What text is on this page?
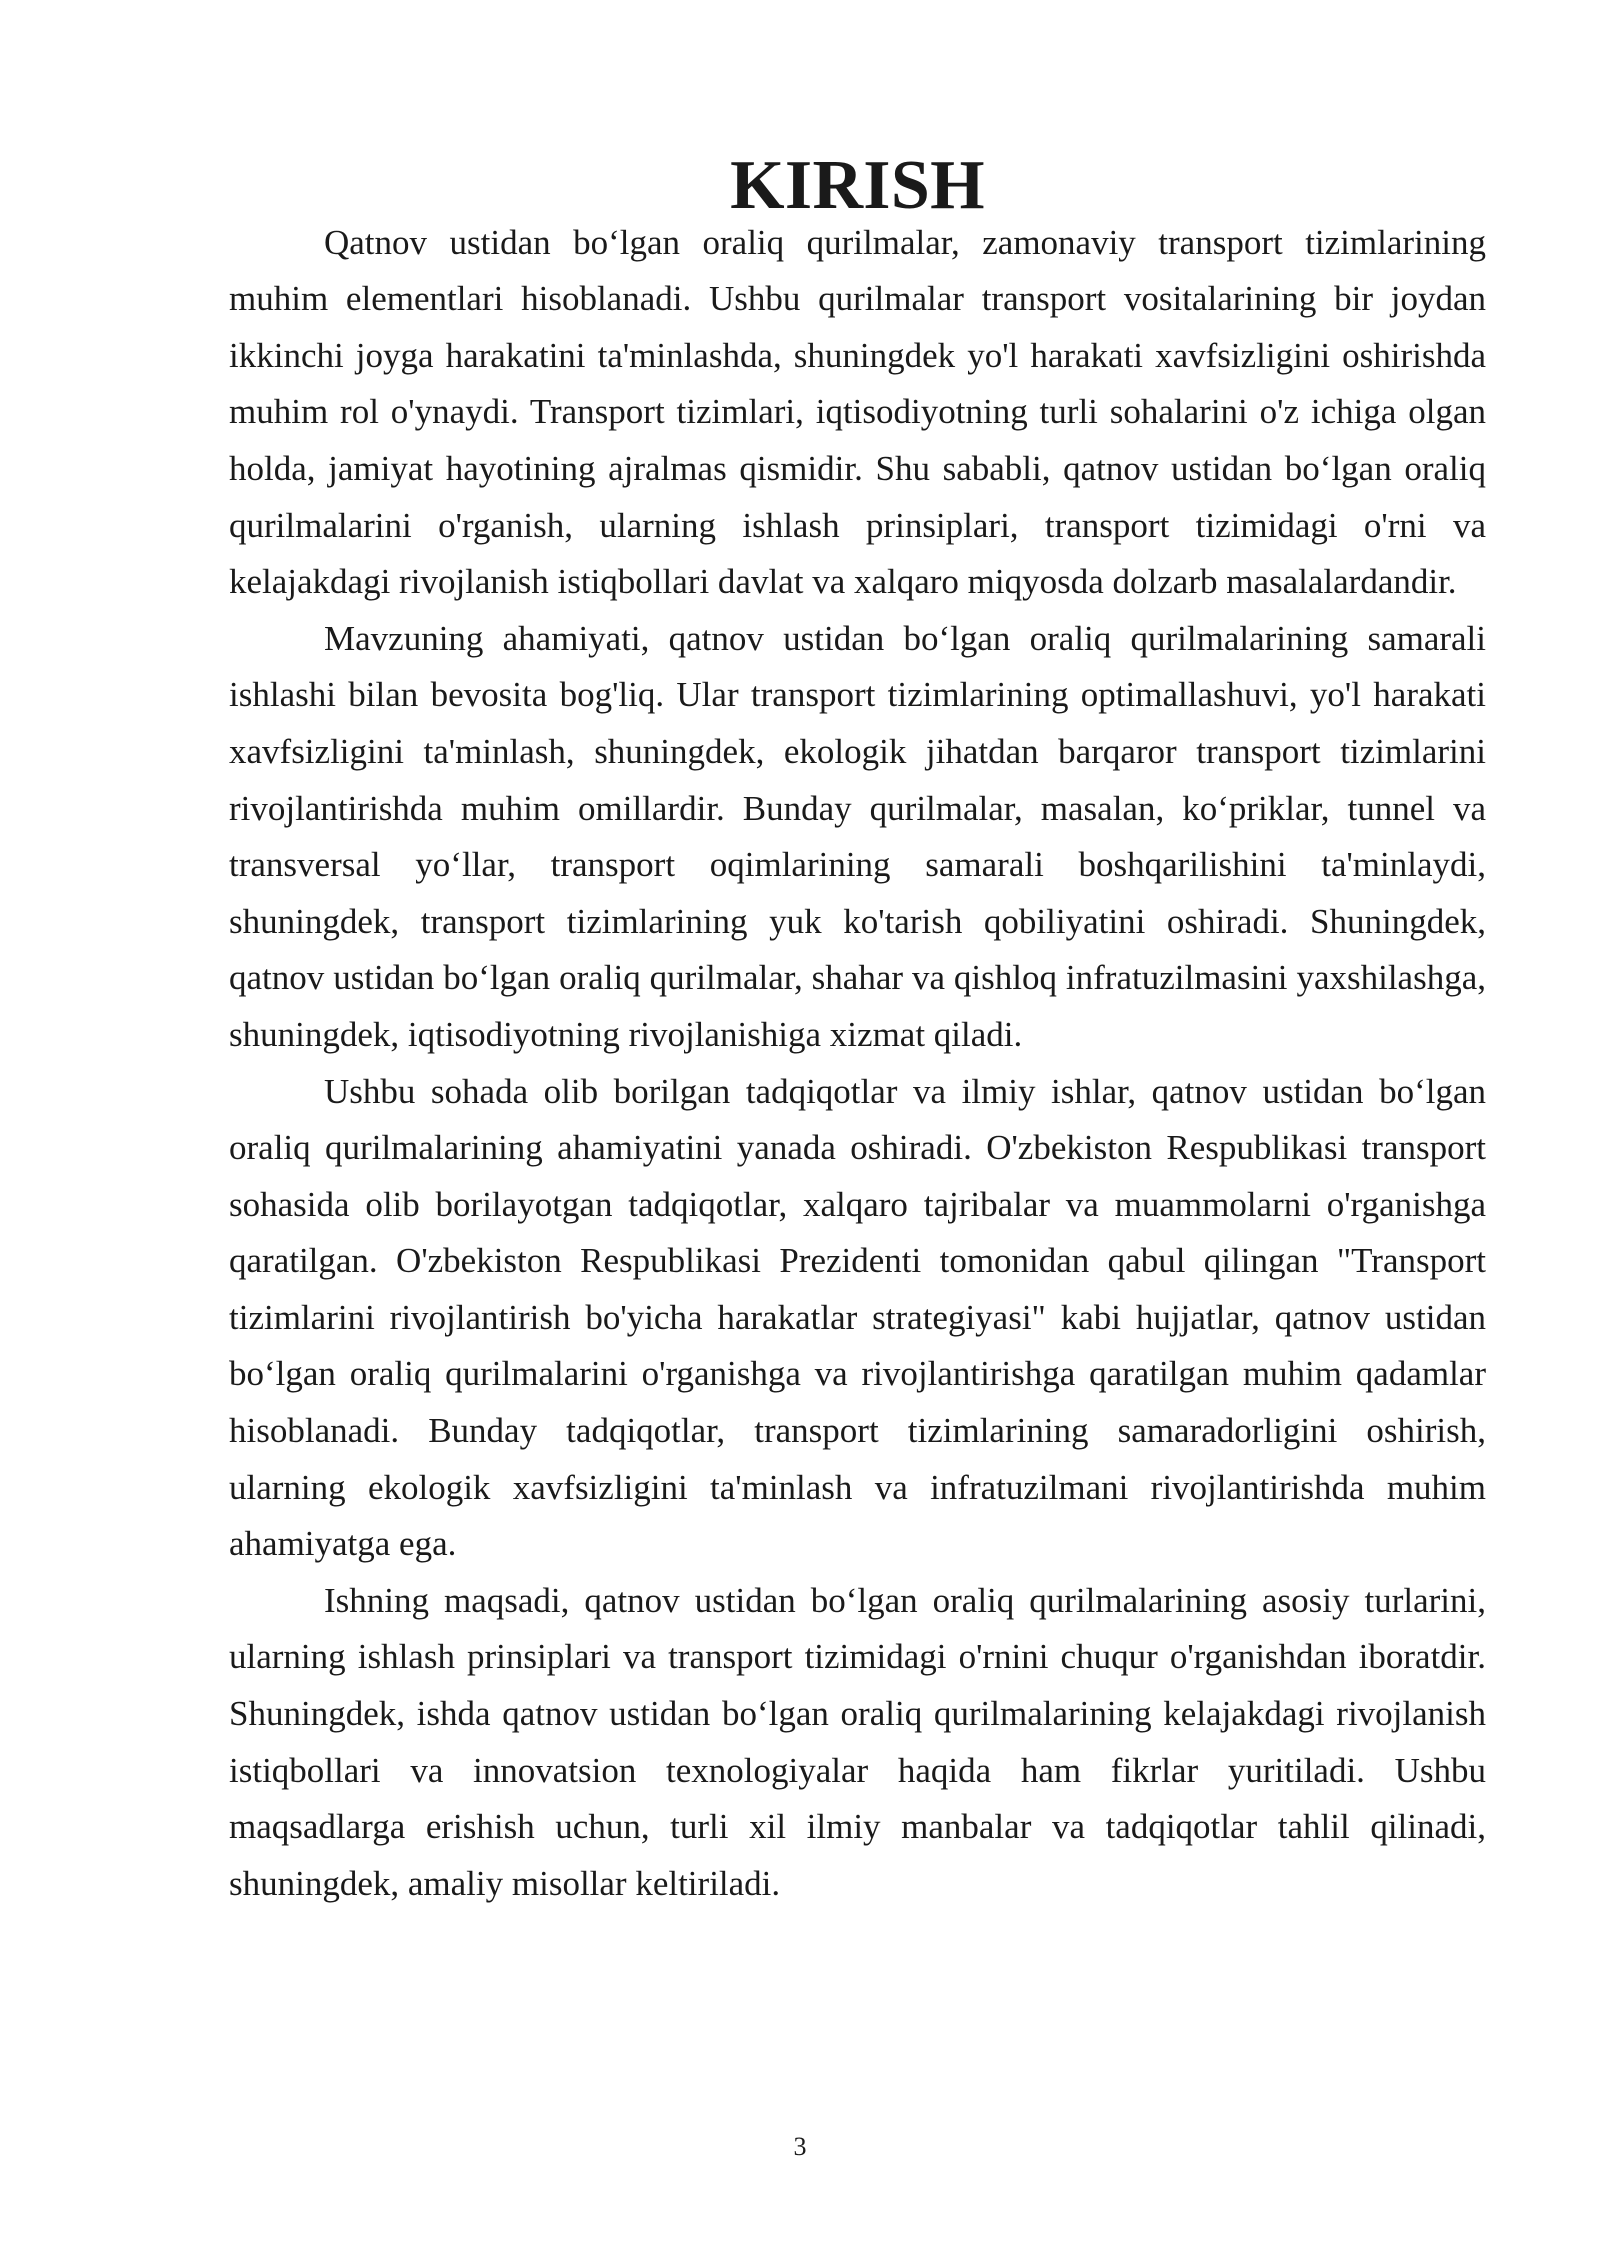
KIRISH

Qatnov ustidan bo‘lgan oraliq qurilmalar, zamonaviy transport tizimlarining muhim elementlari hisoblanadi. Ushbu qurilmalar transport vositalarining bir joydan ikkinchi joyga harakatini ta'minlashda, shuningdek yo'l harakati xavfsizligini oshirishda muhim rol o'ynaydi. Transport tizimlari, iqtisodiyotning turli sohalarini o'z ichiga olgan holda, jamiyat hayotining ajralmas qismidir. Shu sababli, qatnov ustidan bo‘lgan oraliq qurilmalarini o'rganish, ularning ishlash prinsiplari, transport tizimidagi o'rni va kelajakdagi rivojlanish istiqbollari davlat va xalqaro miqyosda dolzarb masalalardandir.

Mavzuning ahamiyati, qatnov ustidan bo‘lgan oraliq qurilmalarining samarali ishlashi bilan bevosita bog'liq. Ular transport tizimlarining optimallashuvi, yo'l harakati xavfsizligini ta'minlash, shuningdek, ekologik jihatdan barqaror transport tizimlarini rivojlantirishda muhim omillardir. Bunday qurilmalar, masalan, ko‘priklar, tunnel va transversal yo‘llar, transport oqimlarining samarali boshqarilishini ta'minlaydi, shuningdek, transport tizimlarining yuk ko'tarish qobiliyatini oshiradi. Shuningdek, qatnov ustidan bo‘lgan oraliq qurilmalar, shahar va qishloq infratuzilmasini yaxshilashga, shuningdek, iqtisodiyotning rivojlanishiga xizmat qiladi.

Ushbu sohada olib borilgan tadqiqotlar va ilmiy ishlar, qatnov ustidan bo‘lgan oraliq qurilmalarining ahamiyatini yanada oshiradi. O'zbekiston Respublikasi transport sohasida olib borilayotgan tadqiqotlar, xalqaro tajribalar va muammolarni o'rganishga qaratilgan. O'zbekiston Respublikasi Prezidenti tomonidan qabul qilingan "Transport tizimlarini rivojlantirish bo'yicha harakatlar strategiyasi" kabi hujjatlar, qatnov ustidan bo‘lgan oraliq qurilmalarini o'rganishga va rivojlantirishga qaratilgan muhim qadamlar hisoblanadi. Bunday tadqiqotlar, transport tizimlarining samaradorligini oshirish, ularning ekologik xavfsizligini ta'minlash va infratuzilmani rivojlantirishda muhim ahamiyatga ega.

Ishning maqsadi, qatnov ustidan bo‘lgan oraliq qurilmalarining asosiy turlarini, ularning ishlash prinsiplari va transport tizimidagi o'rnini chuqur o'rganishdan iboratdir. Shuningdek, ishda qatnov ustidan bo‘lgan oraliq qurilmalarining kelajakdagi rivojlanish istiqbollari va innovatsion texnologiyalar haqida ham fikrlar yuritiladi. Ushbu maqsadlarga erishish uchun, turli xil ilmiy manbalar va tadqiqotlar tahlil qilinadi, shuningdek, amaliy misollar keltiriladi.

3
